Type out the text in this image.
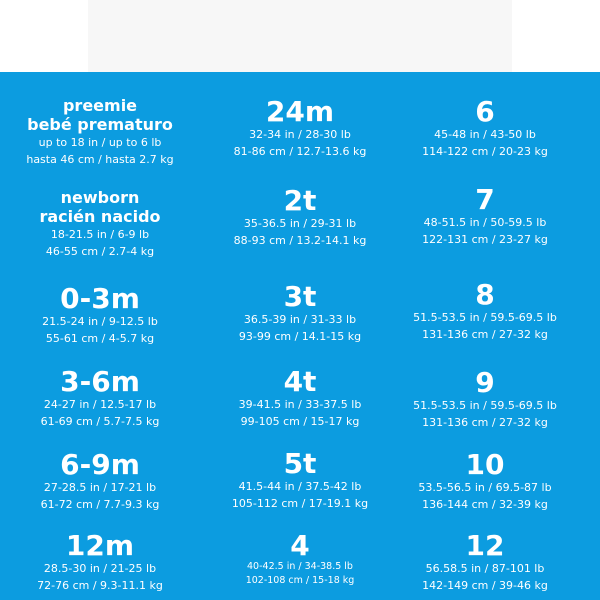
preemie
bebé prematuro
up to 18 in / up to 6 lb
hasta 46 cm / hasta 2.7 kg
newborn
racién nacido
18-21.5 in / 6-9 lb
46-55 cm / 2.7-4 kg
0-3m
21.5-24 in / 9-12.5 lb
55-61 cm / 4-5.7 kg
3-6m
24-27 in / 12.5-17 lb
61-69 cm / 5.7-7.5 kg
6-9m
27-28.5 in / 17-21 lb
61-72 cm / 7.7-9.3 kg
12m
28.5-30 in / 21-25 lb
72-76 cm / 9.3-11.1 kg
24m
32-34 in / 28-30 lb
81-86 cm / 12.7-13.6 kg
2t
35-36.5 in / 29-31 lb
88-93 cm / 13.2-14.1 kg
3t
36.5-39 in / 31-33 lb
93-99 cm / 14.1-15 kg
4t
39-41.5 in / 33-37.5 lb
99-105 cm / 15-17 kg
5t
41.5-44 in / 37.5-42 lb
105-112 cm / 17-19.1 kg
4
40-42.5 in / 34-38.5 lb
102-108 cm / 15-18 kg
6
45-48 in / 43-50 lb
114-122 cm / 20-23 kg
7
48-51.5 in / 50-59.5 lb
122-131 cm / 23-27 kg
8
51.5-53.5 in / 59.5-69.5 lb
131-136 cm / 27-32 kg
9
51.5-53.5 in / 59.5-69.5 lb
131-136 cm / 27-32 kg
10
53.5-56.5 in / 69.5-87 lb
136-144 cm / 32-39 kg
12
56.58.5 in / 87-101 lb
142-149 cm / 39-46 kg
